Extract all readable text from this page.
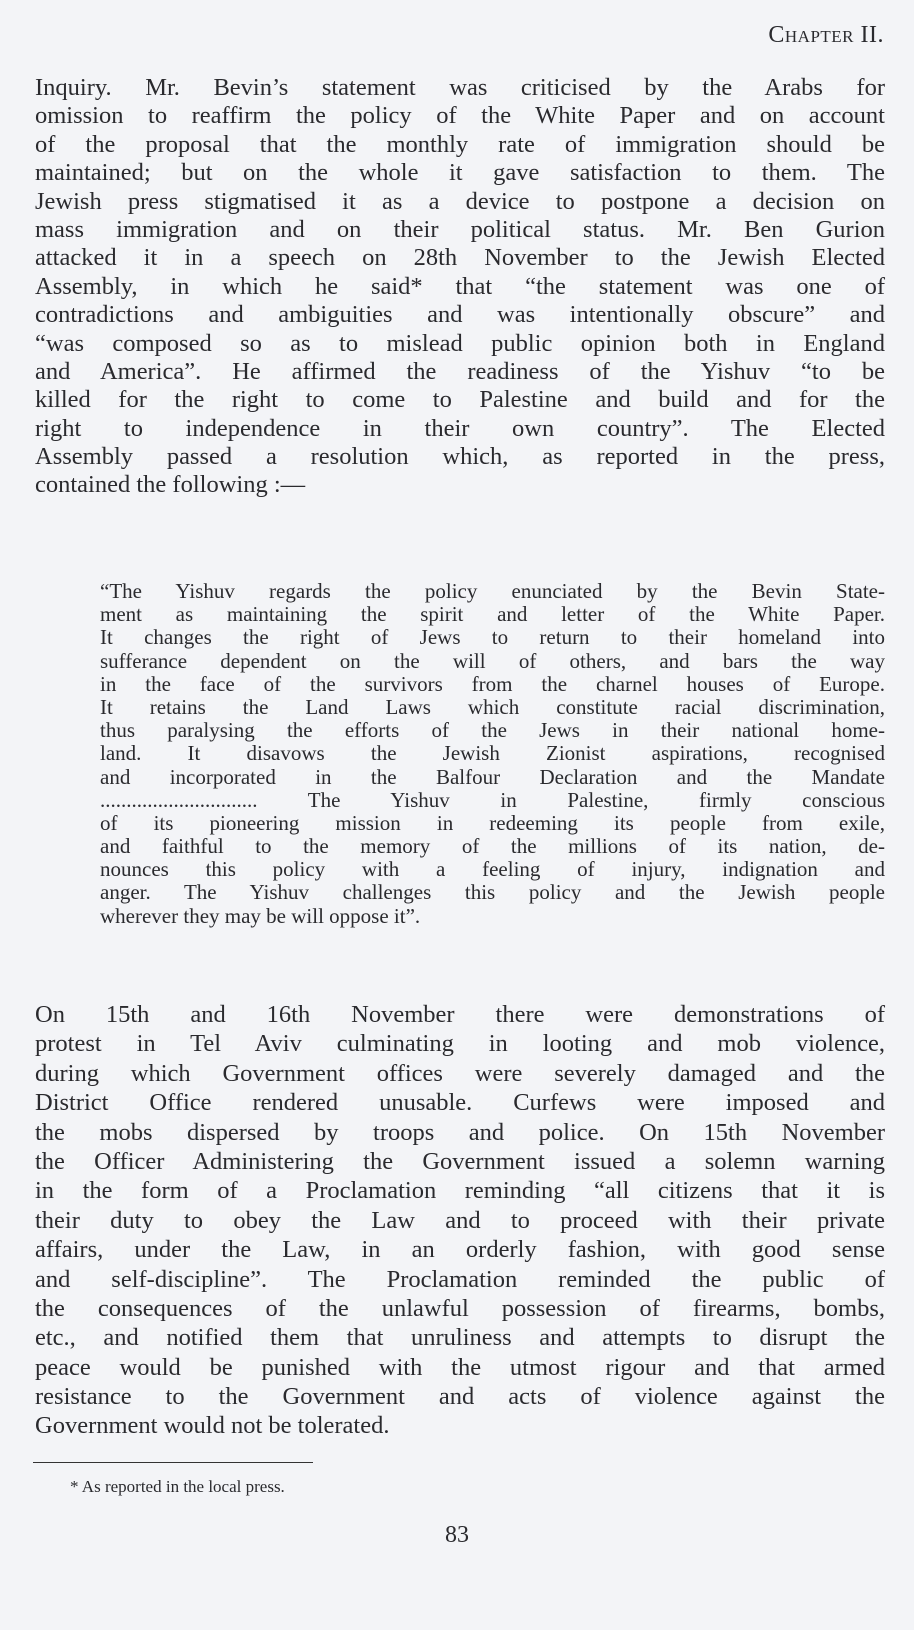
Chapter II.
Inquiry. Mr. Bevin’s statement was criticised by the Arabs for
omission to reaffirm the policy of the White Paper and on account
of the proposal that the monthly rate of immigration should be
maintained; but on the whole it gave satisfaction to them. The
Jewish press stigmatised it as a device to postpone a decision on
mass immigration and on their political status. Mr. Ben Gurion
attacked it in a speech on 28th November to the Jewish Elected
Assembly, in which he said* that “the statement was one of
contradictions and ambiguities and was intentionally obscure” and
“was composed so as to mislead public opinion both in England
and America”. He affirmed the readiness of the Yishuv “to be
killed for the right to come to Palestine and build and for the
right to independence in their own country”. The Elected
Assembly passed a resolution which, as reported in the press,
contained the following :—
“The Yishuv regards the policy enunciated by the Bevin State-
ment as maintaining the spirit and letter of the White Paper.
It changes the right of Jews to return to their homeland into
sufferance dependent on the will of others, and bars the way
in the face of the survivors from the charnel houses of Europe.
It retains the Land Laws which constitute racial discrimination,
thus paralysing the efforts of the Jews in their national home-
land. It disavows the Jewish Zionist aspirations, recognised
and incorporated in the Balfour Declaration and the Mandate
.............................. The Yishuv in Palestine, firmly conscious
of its pioneering mission in redeeming its people from exile,
and faithful to the memory of the millions of its nation, de-
nounces this policy with a feeling of injury, indignation and
anger. The Yishuv challenges this policy and the Jewish people
wherever they may be will oppose it”.
On 15th and 16th November there were demonstrations of
protest in Tel Aviv culminating in looting and mob violence,
during which Government offices were severely damaged and the
District Office rendered unusable. Curfews were imposed and
the mobs dispersed by troops and police. On 15th November
the Officer Administering the Government issued a solemn warning
in the form of a Proclamation reminding “all citizens that it is
their duty to obey the Law and to proceed with their private
affairs, under the Law, in an orderly fashion, with good sense
and self-discipline”. The Proclamation reminded the public of
the consequences of the unlawful possession of firearms, bombs,
etc., and notified them that unruliness and attempts to disrupt the
peace would be punished with the utmost rigour and that armed
resistance to the Government and acts of violence against the
Government would not be tolerated.
* As reported in the local press.
83
